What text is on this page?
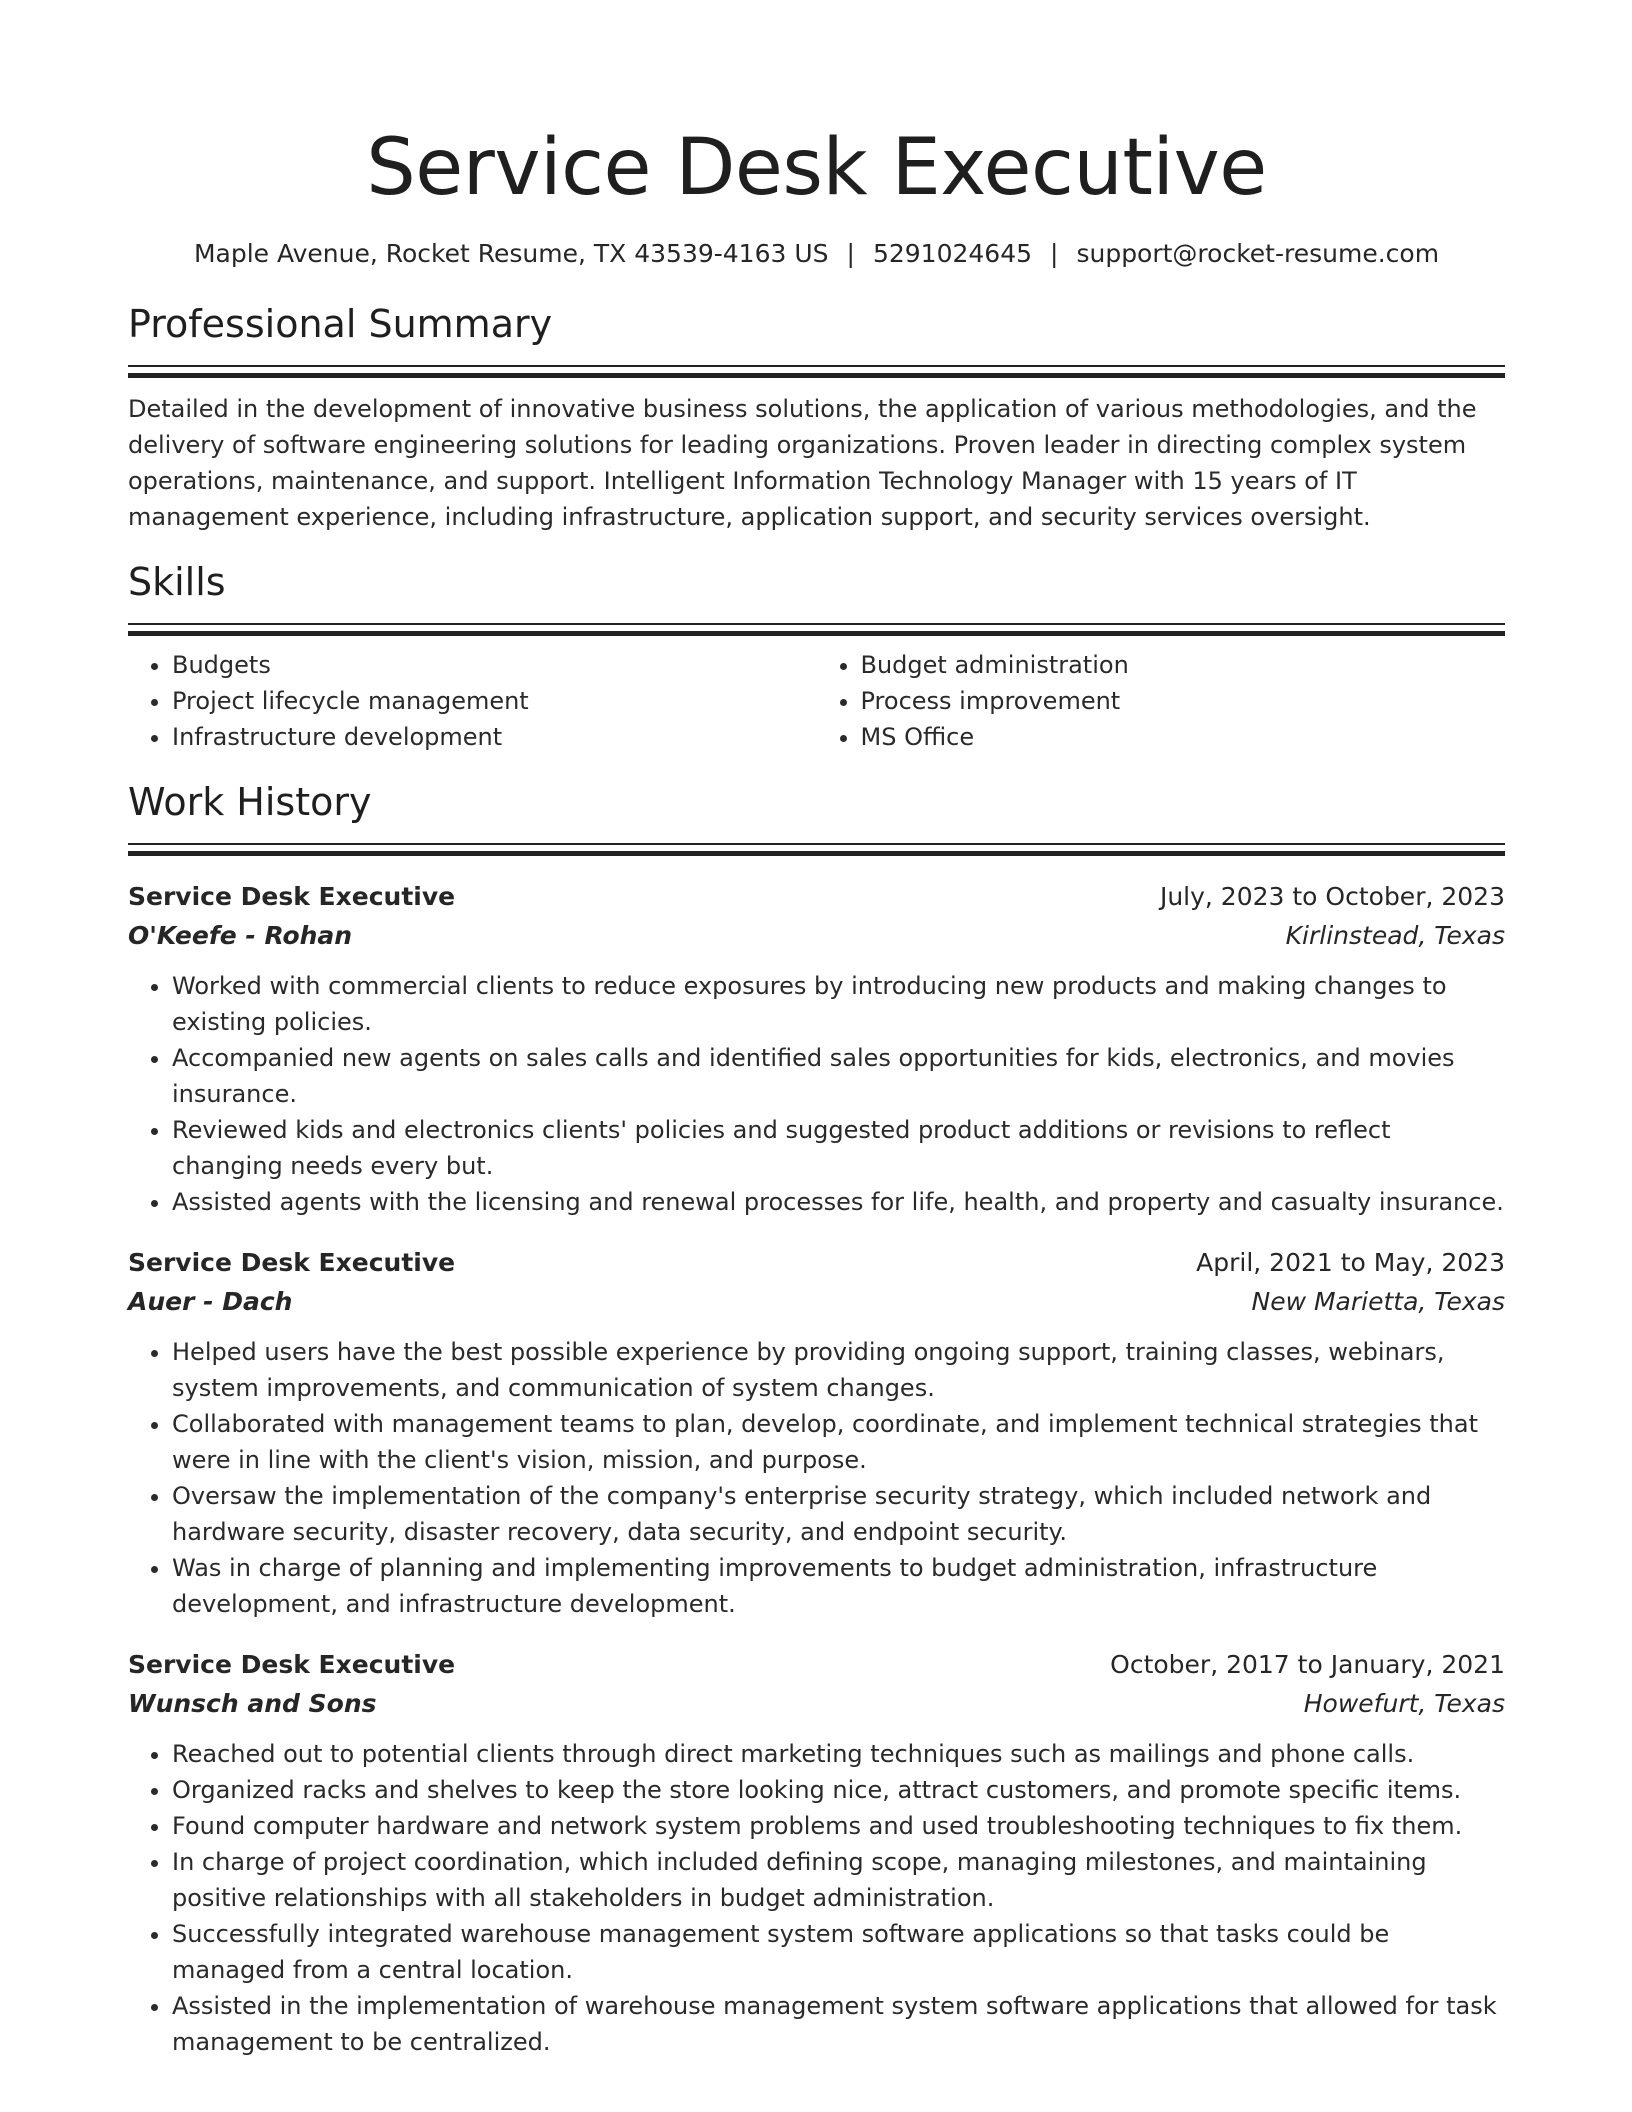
Service Desk Executive
Maple Avenue, Rocket Resume, TX 43539-4163 US | 5291024645 | support@rocket-resume.com
Professional Summary

Detailed in the development of innovative business solutions, the application of various methodologies, and the delivery of software engineering solutions for leading organizations. Proven leader in directing complex system operations, maintenance, and support. Intelligent Information Technology Manager with 15 years of IT management experience, including infrastructure, application support, and security services oversight.

Skills
• Budgets
• Project lifecycle management
• Infrastructure development
• Budget administration
• Process improvement
• MS Office
Work History
Service Desk Executive	July, 2023 to October, 2023
O'Keefe - Rohan	Kirlinstead, Texas
• Worked with commercial clients to reduce exposures by introducing new products and making changes to existing policies.
• Accompanied new agents on sales calls and identified sales opportunities for kids, electronics, and movies insurance.
• Reviewed kids and electronics clients' policies and suggested product additions or revisions to reflect changing needs every but.
• Assisted agents with the licensing and renewal processes for life, health, and property and casualty insurance.
Service Desk Executive	April, 2021 to May, 2023
Auer - Dach	New Marietta, Texas
• Helped users have the best possible experience by providing ongoing support, training classes, webinars, system improvements, and communication of system changes.
• Collaborated with management teams to plan, develop, coordinate, and implement technical strategies that were in line with the client's vision, mission, and purpose.
• Oversaw the implementation of the company's enterprise security strategy, which included network and hardware security, disaster recovery, data security, and endpoint security.
• Was in charge of planning and implementing improvements to budget administration, infrastructure development, and infrastructure development.
Service Desk Executive	October, 2017 to January, 2021
Wunsch and Sons	Howefurt, Texas
• Reached out to potential clients through direct marketing techniques such as mailings and phone calls.
• Organized racks and shelves to keep the store looking nice, attract customers, and promote specific items.
• Found computer hardware and network system problems and used troubleshooting techniques to fix them.
• In charge of project coordination, which included defining scope, managing milestones, and maintaining positive relationships with all stakeholders in budget administration.
• Successfully integrated warehouse management system software applications so that tasks could be managed from a central location.
• Assisted in the implementation of warehouse management system software applications that allowed for task management to be centralized.
